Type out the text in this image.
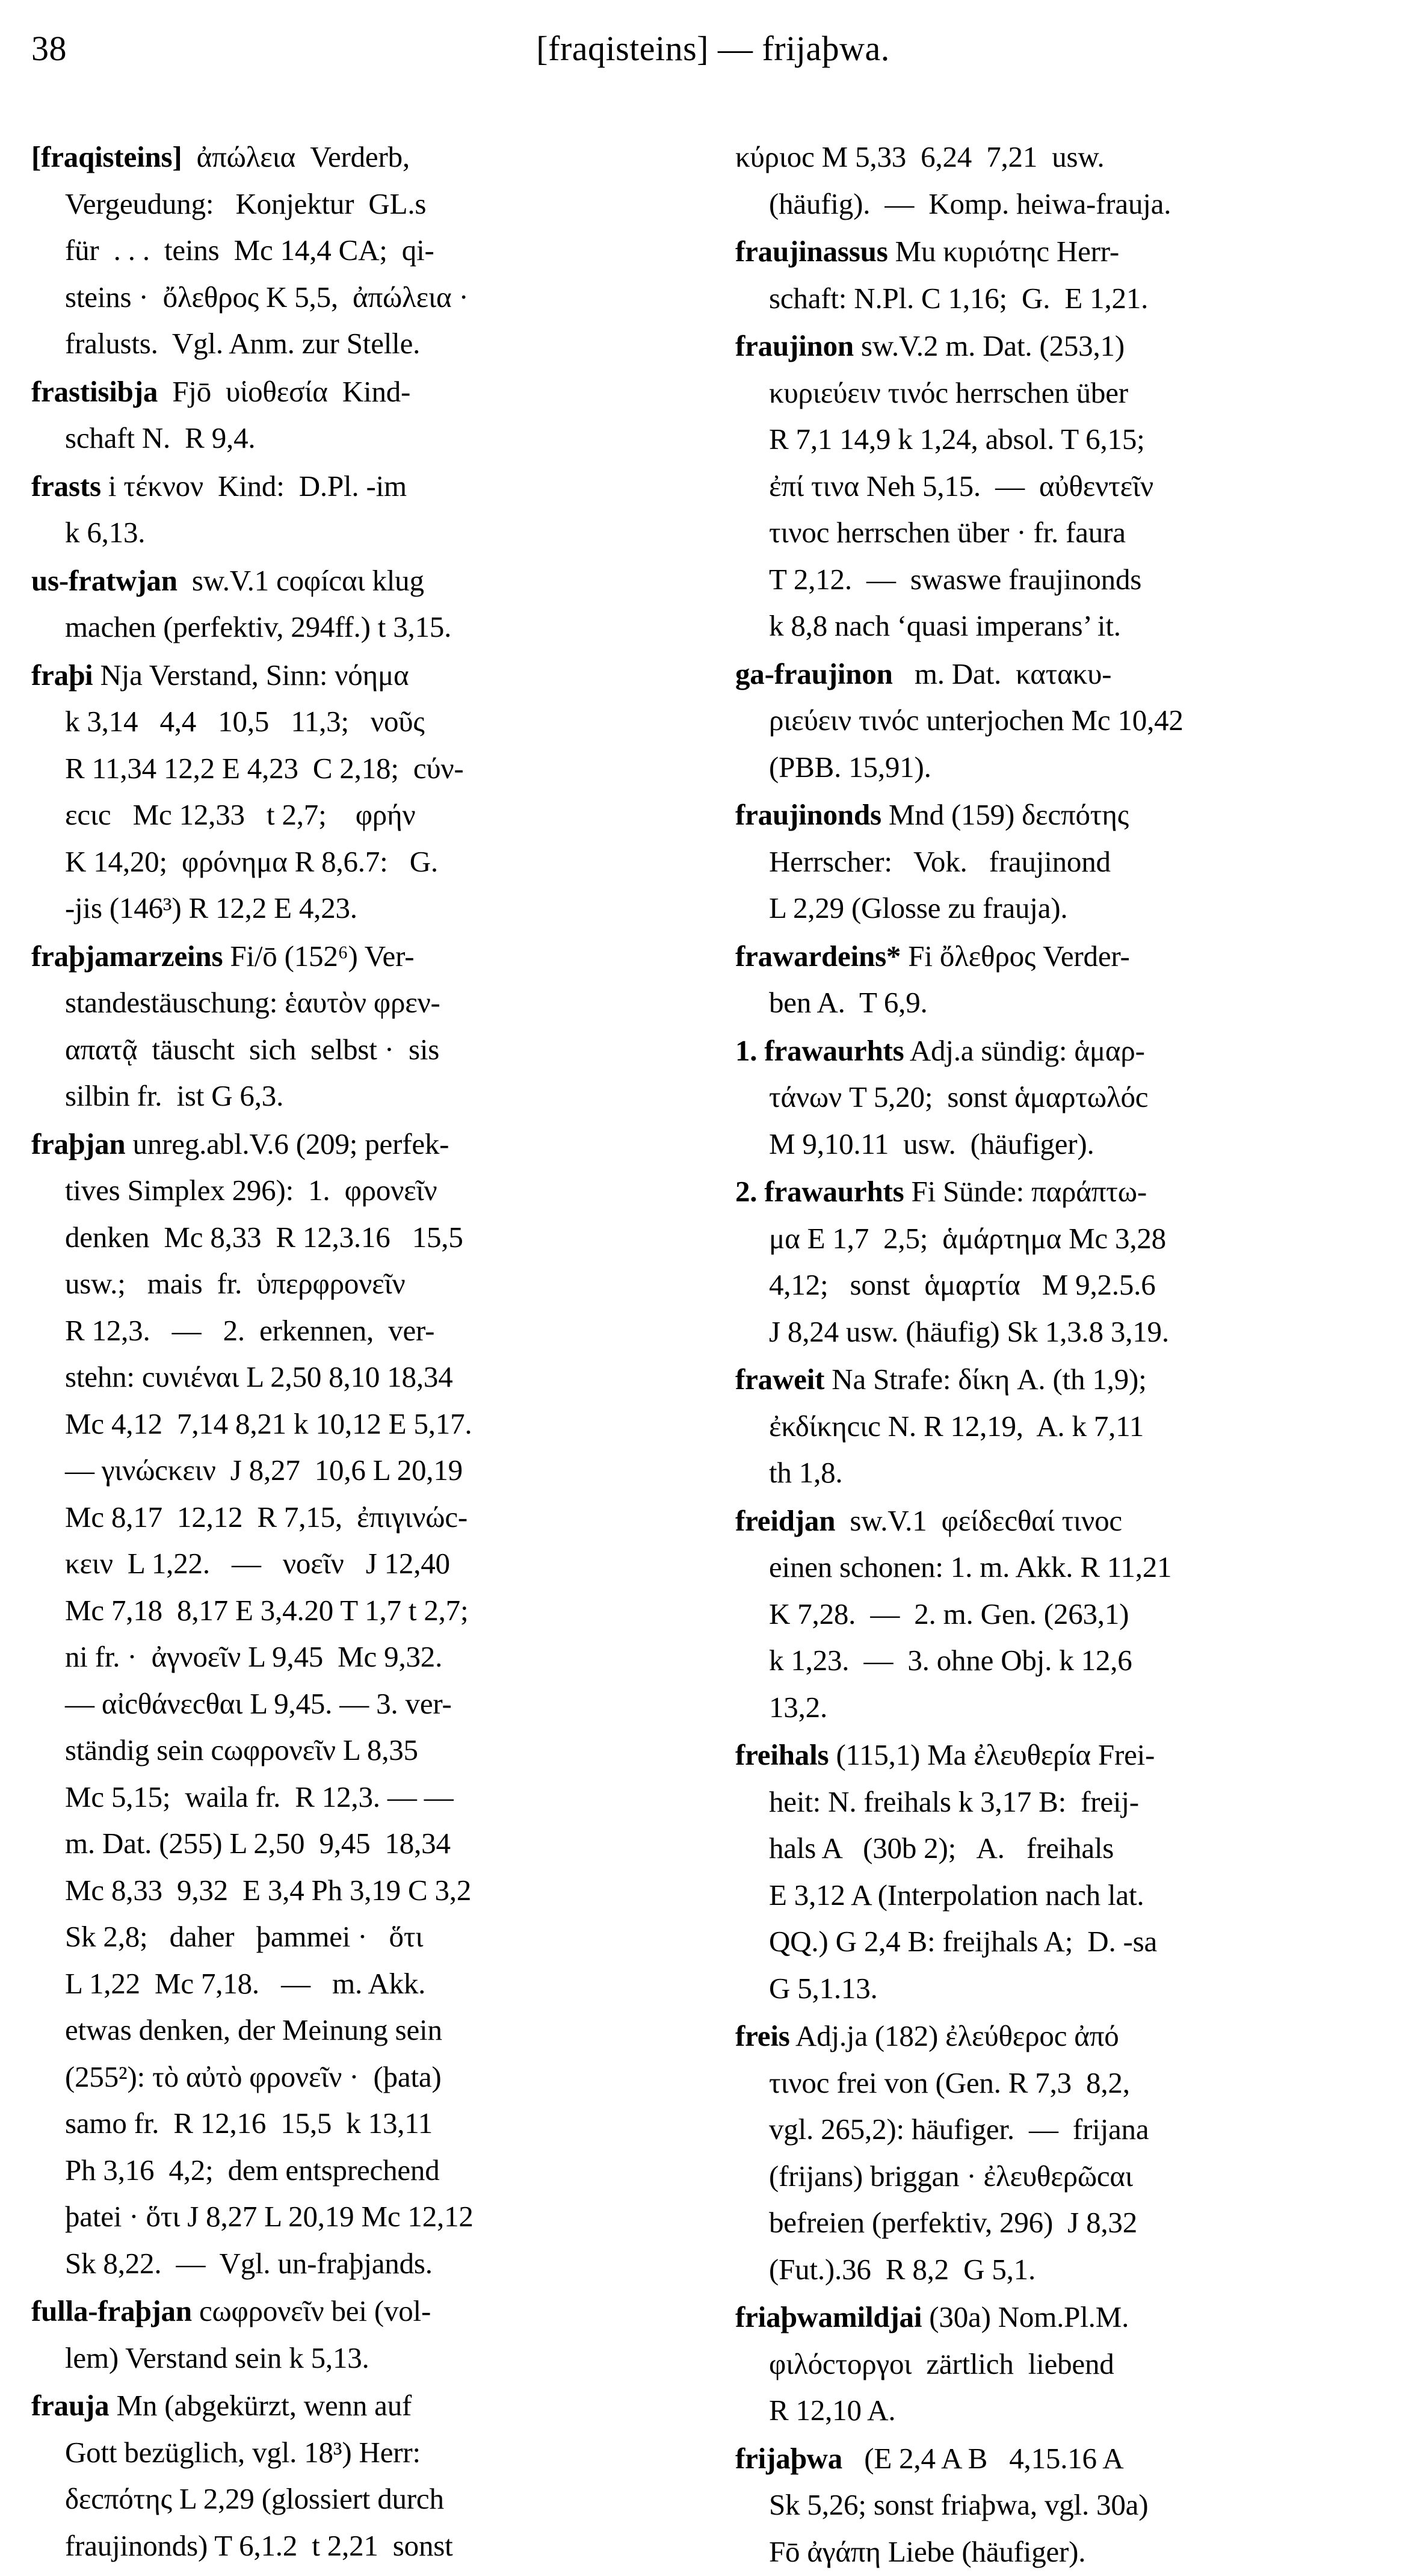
38	[fraqisteins] — frijaþwa.
[fraqisteins]  ἀπώλεια  Verderb,
Vergeudung:   Konjektur  GL.s
für  . . .  teins  Mc 14,4 CA;  qi-
steins ·  ὄλεθρος K 5,5,  ἀπώλεια ·
fralusts.  Vgl. Anm. zur Stelle.
frastisibja  Fjō  υἱοθεσία  Kind-
schaft N.  R 9,4.
frasts i τέκνον  Kind:  D.Pl. -im
k 6,13.
us-fratwjan  sw.V.1 coφícαι klug
machen (perfektiv, 294ff.) t 3,15.
fraþi Nja Verstand, Sinn: νόημα
k 3,14   4,4   10,5   11,3;   νοῦς
R 11,34 12,2 E 4,23  C 2,18;  cύν-
εcιc   Mc 12,33   t 2,7;    φρήν
K 14,20;  φρόνημα R 8,6.7:   G.
-jis (146³) R 12,2 E 4,23.
fraþjamarzeins Fi/ō (152⁶) Ver-
standestäuschung: ἑαυτὸν φρεν-
απατᾷ  täuscht  sich  selbst ·  sis
silbin fr.  ist G 6,3.
fraþjan unreg.abl.V.6 (209; perfek-
tives Simplex 296):  1.  φρονεῖν
denken  Mc 8,33  R 12,3.16   15,5
usw.;   mais  fr.  ὑπερφρονεῖν
R 12,3.   —   2.  erkennen,  ver-
stehn: cυνιέναι L 2,50 8,10 18,34
Mc 4,12  7,14 8,21 k 10,12 E 5,17.
— γινώcκειν  J 8,27  10,6 L 20,19
Mc 8,17  12,12  R 7,15,  ἐπιγινώc-
κειν  L 1,22.   —   νοεῖν   J 12,40
Mc 7,18  8,17 E 3,4.20 T 1,7 t 2,7;
ni fr. ·  ἀγνοεῖν L 9,45  Mc 9,32.
— αἰcθάνεcθαι L 9,45. — 3. ver-
ständig sein cωφρονεῖν L 8,35
Mc 5,15;  waila fr.  R 12,3. — —
m. Dat. (255) L 2,50  9,45  18,34
Mc 8,33  9,32  E 3,4 Ph 3,19 C 3,2
Sk 2,8;   daher   þammei ·   ὅτι
L 1,22  Mc 7,18.   —   m. Akk.
etwas denken, der Meinung sein
(255²): τὸ αὐτὸ φρονεῖν ·  (þata)
samo fr.  R 12,16  15,5  k 13,11
Ph 3,16  4,2;  dem entsprechend
þatei · ὅτι J 8,27 L 20,19 Mc 12,12
Sk 8,22.  —  Vgl. un-fraþjands.
fulla-fraþjan cωφρονεῖν bei (vol-
lem) Verstand sein k 5,13.
frauja Mn (abgekürzt, wenn auf
Gott bezüglich, vgl. 18³) Herr:
δεcπότης L 2,29 (glossiert durch
fraujinonds) T 6,1.2  t 2,21  sonst
κύριοc M 5,33  6,24  7,21  usw.
(häufig).  —  Komp. heiwa-frauja.
fraujinassus Mu κυριότηc Herr-
schaft: N.Pl. C 1,16;  G.  E 1,21.
fraujinon sw.V.2 m. Dat. (253,1)
κυριεύειν τινόc herrschen über
R 7,1 14,9 k 1,24, absol. T 6,15;
ἐπί τινα Neh 5,15.  —  αὐθεντεῖν
τινοc herrschen über · fr. faura
T 2,12.  —  swaswe fraujinonds
k 8,8 nach ‘quasi imperans’ it.
ga-fraujinon   m. Dat.  κατακυ-
ριεύειν τινόc unterjochen Mc 10,42
(PBB. 15,91).
fraujinonds Mnd (159) δεcπότης
Herrscher:   Vok.   fraujinond
L 2,29 (Glosse zu frauja).
frawardeins* Fi ὄλεθρος Verder-
ben A.  T 6,9.
1. frawaurhts Adj.a sündig: ἁμαρ-
τάνων T 5,20;  sonst ἁμαρτωλόc
M 9,10.11  usw.  (häufiger).
2. frawaurhts Fi Sünde: παράπτω-
μα E 1,7  2,5;  ἁμάρτημα Mc 3,28
4,12;   sonst  ἁμαρτία   M 9,2.5.6
J 8,24 usw. (häufig) Sk 1,3.8 3,19.
fraweit Na Strafe: δίκη A. (th 1,9);
ἐκδίκηcιc N. R 12,19,  A. k 7,11
th 1,8.
freidjan  sw.V.1  φείδεcθαί τινοc
einen schonen: 1. m. Akk. R 11,21
K 7,28.  —  2. m. Gen. (263,1)
k 1,23.  —  3. ohne Obj. k 12,6
13,2.
freihals (115,1) Ma ἐλευθερία Frei-
heit: N. freihals k 3,17 B:  freij-
hals A   (30b 2);   A.   freihals
E 3,12 A (Interpolation nach lat.
QQ.) G 2,4 B: freijhals A;  D. -sa
G 5,1.13.
freis Adj.ja (182) ἐλεύθεροc ἀπό
τινοc frei von (Gen. R 7,3  8,2,
vgl. 265,2): häufiger.  —  frijana
(frijans) briggan · ἐλευθερῶcαι
befreien (perfektiv, 296)  J 8,32
(Fut.).36  R 8,2  G 5,1.
friaþwamildjai (30a) Nom.Pl.M.
φιλόcτοργοι  zärtlich  liebend
R 12,10 A.
frijaþwa   (E 2,4 A B   4,15.16 A
Sk 5,26; sonst friaþwa, vgl. 30a)
Fō ἀγάπη Liebe (häufiger).
